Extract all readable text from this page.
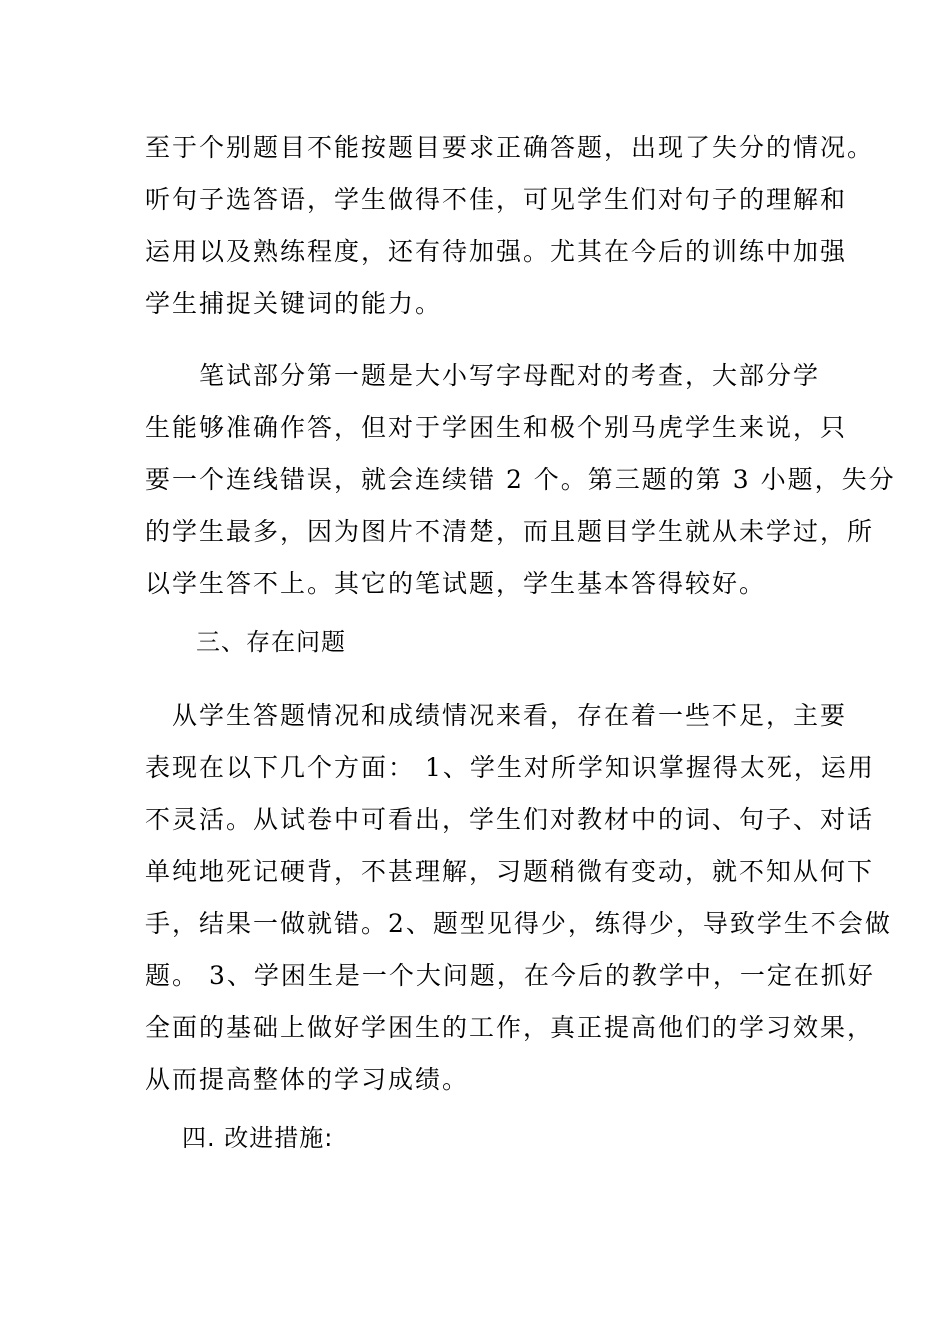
至于个别题目不能按题目要求正确答题，出现了失分的情况。
听句子选答语，学生做得不佳，可见学生们对句子的理解和
运用以及熟练程度，还有待加强。尤其在今后的训练中加强
学生捕捉关键词的能力。
　　笔试部分第一题是大小写字母配对的考查，大部分学
生能够准确作答，但对于学困生和极个别马虎学生来说，只
要一个连线错误，就会连续错 2 个。第三题的第 3 小题，失分
的学生最多，因为图片不清楚，而且题目学生就从未学过，所
以学生答不上。其它的笔试题，学生基本答得较好。
三、存在问题
　从学生答题情况和成绩情况来看，存在着一些不足，主要
表现在以下几个方面： 1、学生对所学知识掌握得太死，运用
不灵活。从试卷中可看出，学生们对教材中的词、句子、对话
单纯地死记硬背，不甚理解，习题稍微有变动，就不知从何下
手，结果一做就错。2、题型见得少，练得少，导致学生不会做
题。 3、学困生是一个大问题，在今后的教学中，一定在抓好
全面的基础上做好学困生的工作，真正提高他们的学习效果，
从而提高整体的学习成绩。
四. 改进措施:
